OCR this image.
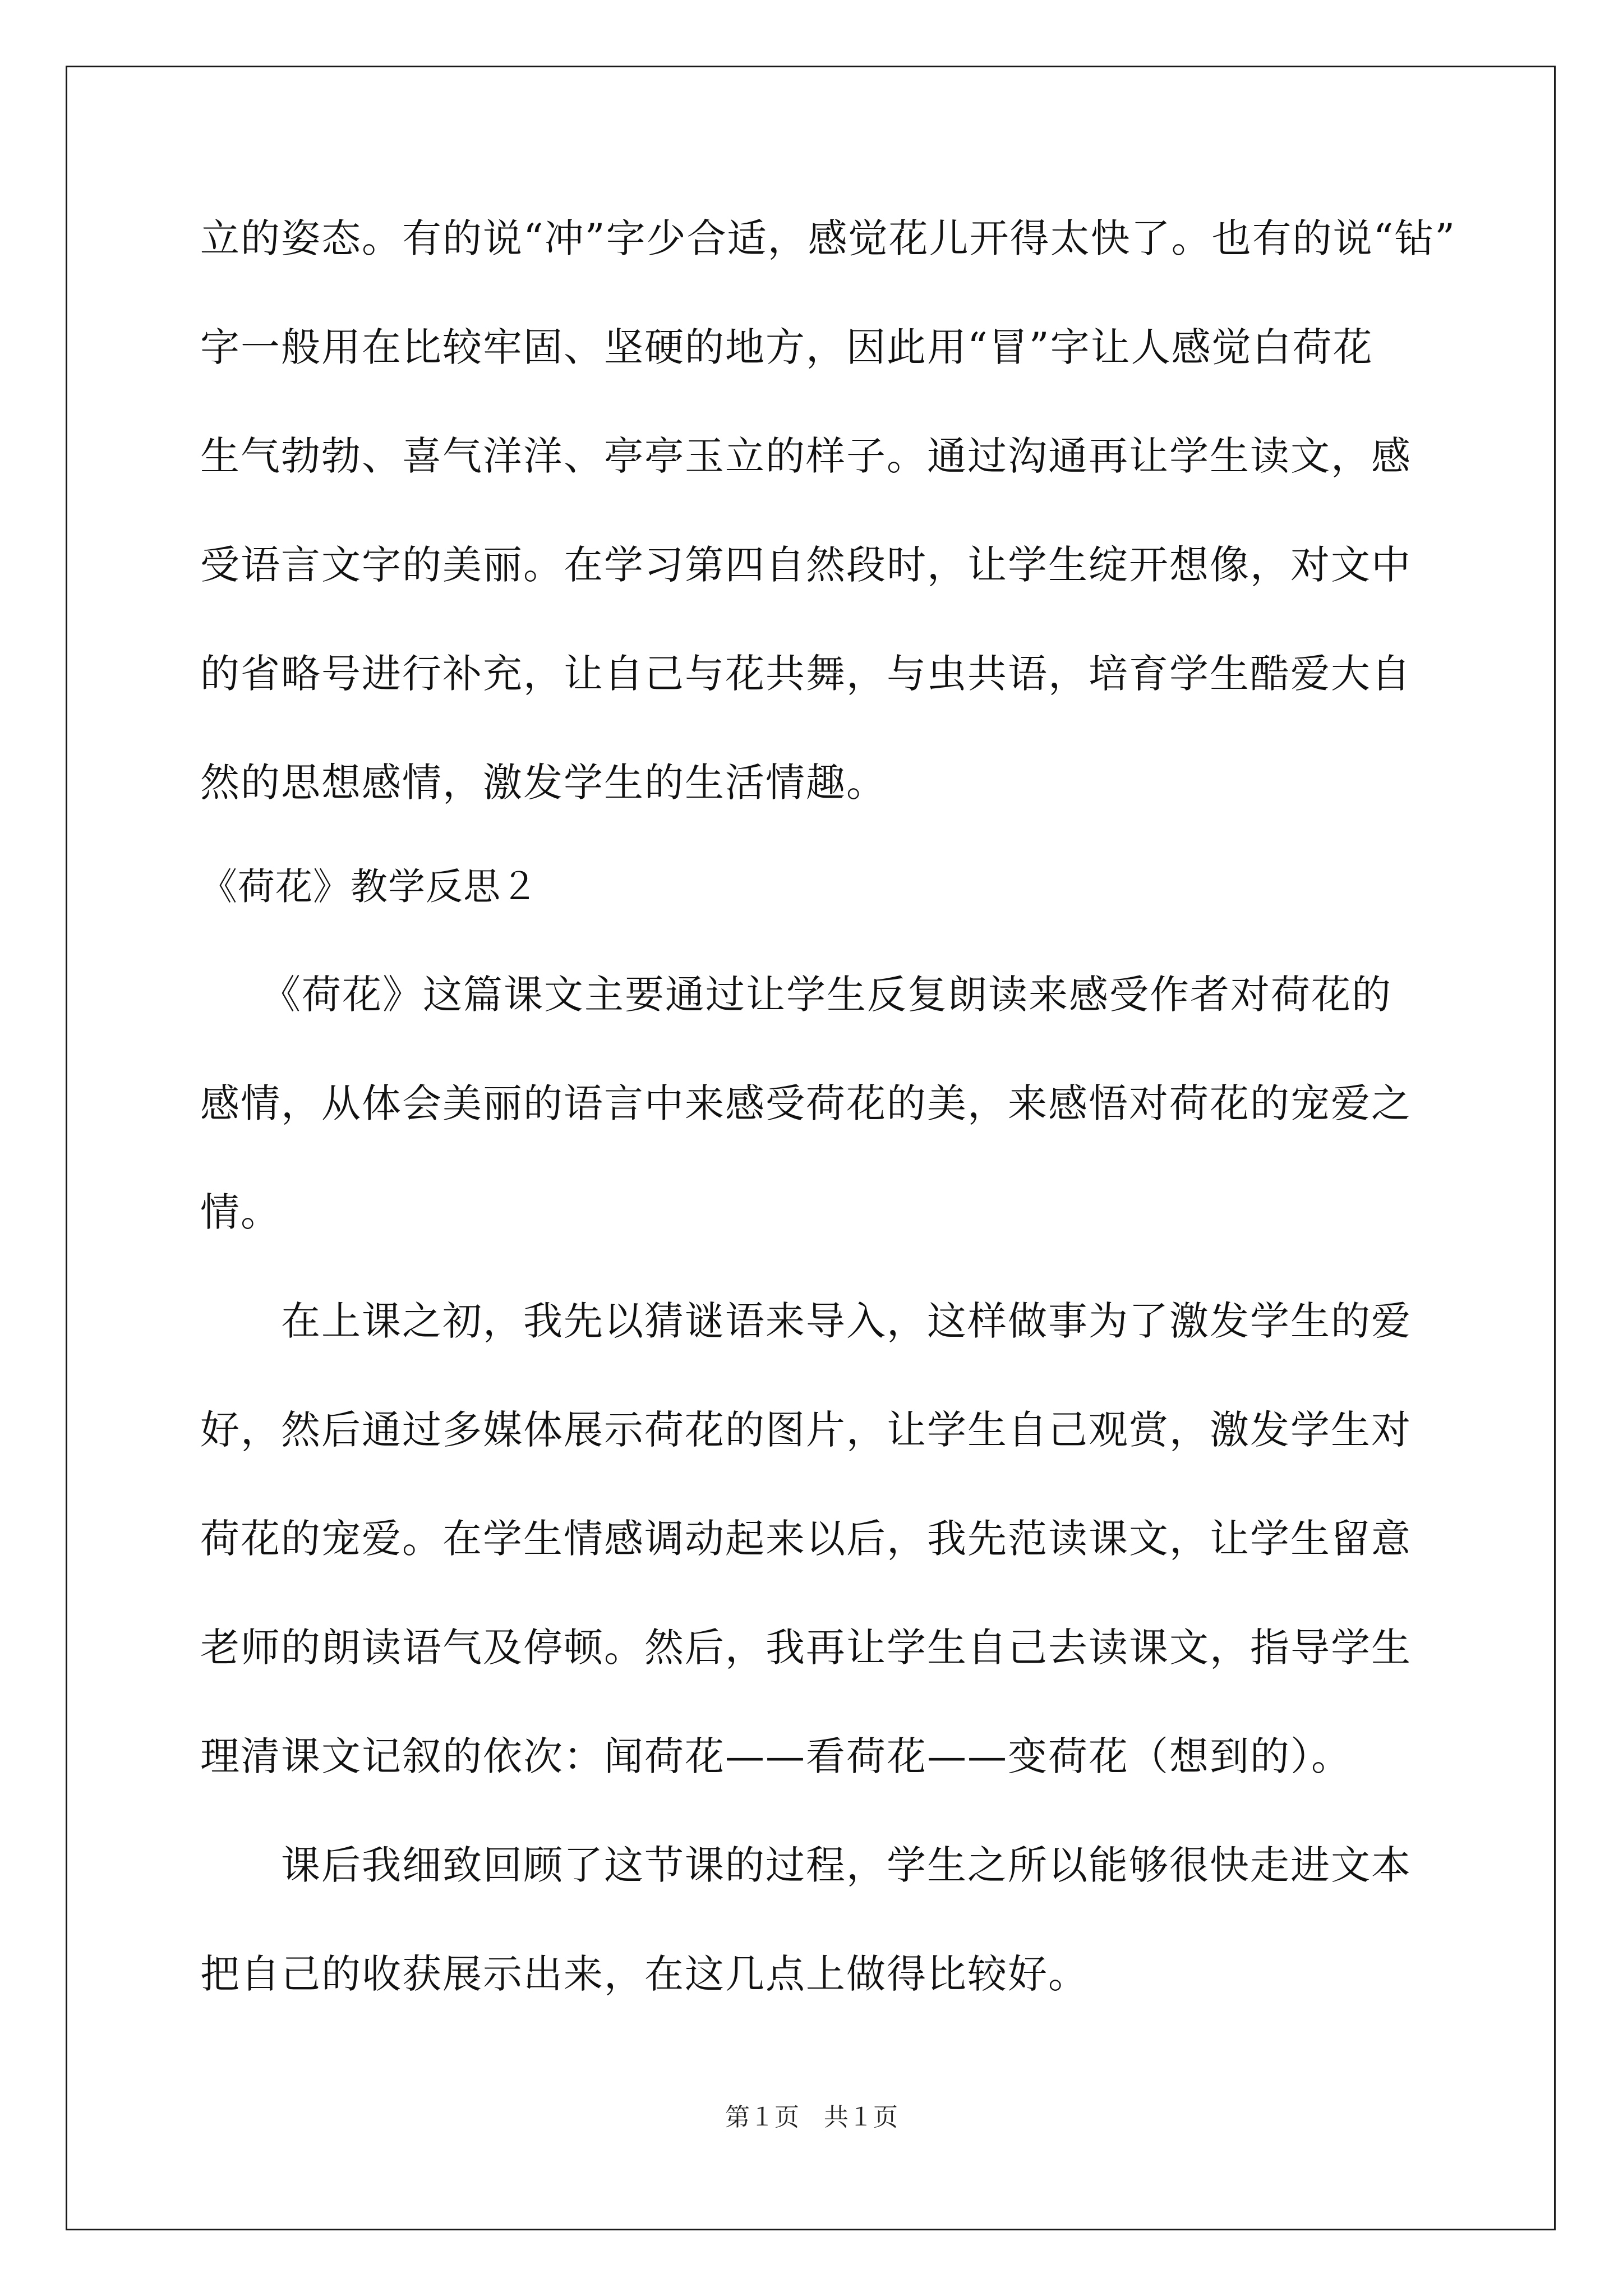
立的姿态。有的说“冲”字少合适，感觉花儿开得太快了。也有的说“钻”
字一般用在比较牢固、坚硬的地方，因此用“冒”字让人感觉白荷花
生气勃勃、喜气洋洋、亭亭玉立的样子。通过沟通再让学生读文，感
受语言文字的美丽。在学习第四自然段时，让学生绽开想像，对文中
的省略号进行补充，让自己与花共舞，与虫共语，培育学生酷爱大自
然的思想感情，激发学生的生活情趣。
《荷花》教学反思２
　　《荷花》这篇课文主要通过让学生反复朗读来感受作者对荷花的
感情，从体会美丽的语言中来感受荷花的美，来感悟对荷花的宠爱之
情。
　　在上课之初，我先以猜谜语来导入，这样做事为了激发学生的爱
好，然后通过多媒体展示荷花的图片，让学生自己观赏，激发学生对
荷花的宠爱。在学生情感调动起来以后，我先范读课文，让学生留意
老师的朗读语气及停顿。然后，我再让学生自己去读课文，指导学生
理清课文记叙的依次：闻荷花——看荷花——变荷花（想到的）。
　　课后我细致回顾了这节课的过程，学生之所以能够很快走进文本
把自己的收获展示出来，在这几点上做得比较好。
第１页　共１页
